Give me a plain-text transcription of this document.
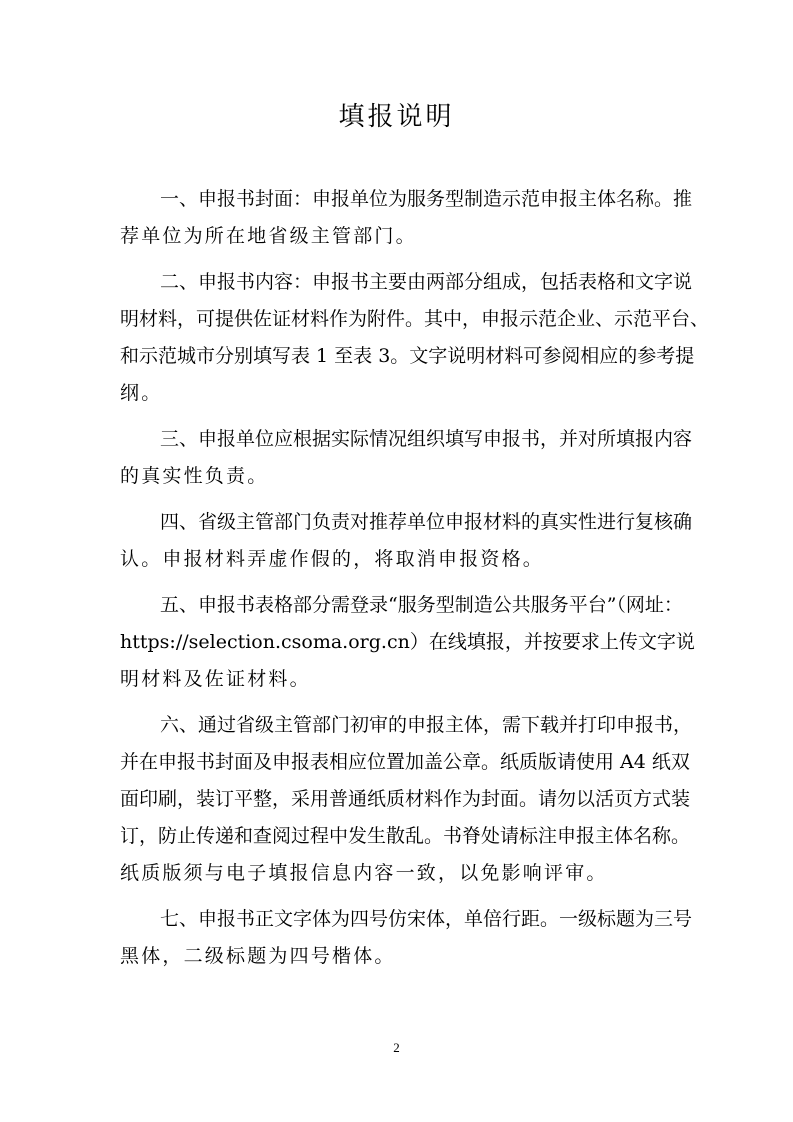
填报说明
一、申报书封面：申报单位为服务型制造示范申报主体名称。推
荐单位为所在地省级主管部门。
二、申报书内容：申报书主要由两部分组成，包括表格和文字说
明材料，可提供佐证材料作为附件。其中，申报示范企业、示范平台、
和示范城市分别填写表 1 至表 3。文字说明材料可参阅相应的参考提
纲。
三、申报单位应根据实际情况组织填写申报书，并对所填报内容
的真实性负责。
四、省级主管部门负责对推荐单位申报材料的真实性进行复核确
认。申报材料弄虚作假的，将取消申报资格。
五、申报书表格部分需登录“服务型制造公共服务平台”（网址：
https://selection.csoma.org.cn）在线填报，并按要求上传文字说
明材料及佐证材料。
六、通过省级主管部门初审的申报主体，需下载并打印申报书，
并在申报书封面及申报表相应位置加盖公章。纸质版请使用 A4 纸双
面印刷，装订平整，采用普通纸质材料作为封面。请勿以活页方式装
订，防止传递和查阅过程中发生散乱。书脊处请标注申报主体名称。
纸质版须与电子填报信息内容一致，以免影响评审。
七、申报书正文字体为四号仿宋体，单倍行距。一级标题为三号
黑体，二级标题为四号楷体。
2
